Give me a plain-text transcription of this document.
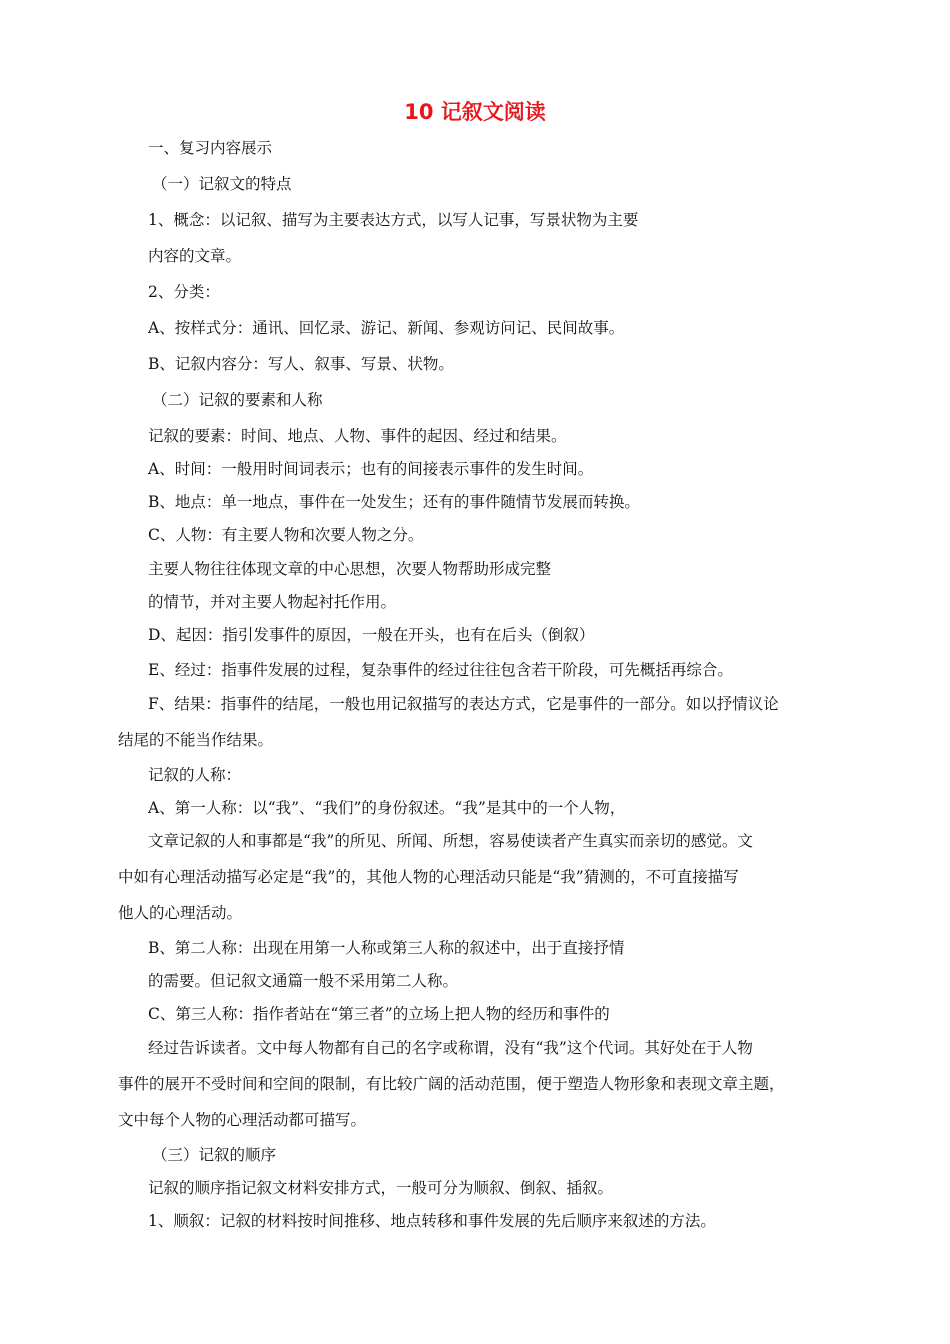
10 记叙文阅读

一、复习内容展示

（一）记叙文的特点

1、概念：以记叙、描写为主要表达方式，以写人记事，写景状物为主要

内容的文章。

2、分类：

A、按样式分：通讯、回忆录、游记、新闻、参观访问记、民间故事。

B、记叙内容分：写人、叙事、写景、状物。

（二）记叙的要素和人称

记叙的要素：时间、地点、人物、事件的起因、经过和结果。

A、时间：一般用时间词表示；也有的间接表示事件的发生时间。

B、地点：单一地点，事件在一处发生；还有的事件随情节发展而转换。

C、人物：有主要人物和次要人物之分。

主要人物往往体现文章的中心思想，次要人物帮助形成完整

的情节，并对主要人物起衬托作用。

D、起因：指引发事件的原因，一般在开头，也有在后头（倒叙）

E、经过：指事件发展的过程，复杂事件的经过往往包含若干阶段，可先概括再综合。

F、结果：指事件的结尾，一般也用记叙描写的表达方式，它是事件的一部分。如以抒情议论

结尾的不能当作结果。

记叙的人称：

A、第一人称：以“我”、“我们”的身份叙述。“我”是其中的一个人物，

文章记叙的人和事都是“我”的所见、所闻、所想，容易使读者产生真实而亲切的感觉。文

中如有心理活动描写必定是“我”的，其他人物的心理活动只能是“我”猜测的，不可直接描写

他人的心理活动。

B、第二人称：出现在用第一人称或第三人称的叙述中，出于直接抒情

的需要。但记叙文通篇一般不采用第二人称。

C、第三人称：指作者站在“第三者”的立场上把人物的经历和事件的

经过告诉读者。文中每人物都有自己的名字或称谓，没有“我”这个代词。其好处在于人物

事件的展开不受时间和空间的限制，有比较广阔的活动范围，便于塑造人物形象和表现文章主题，

文中每个人物的心理活动都可描写。

（三）记叙的顺序

记叙的顺序指记叙文材料安排方式，一般可分为顺叙、倒叙、插叙。

1、顺叙：记叙的材料按时间推移、地点转移和事件发展的先后顺序来叙述的方法。
